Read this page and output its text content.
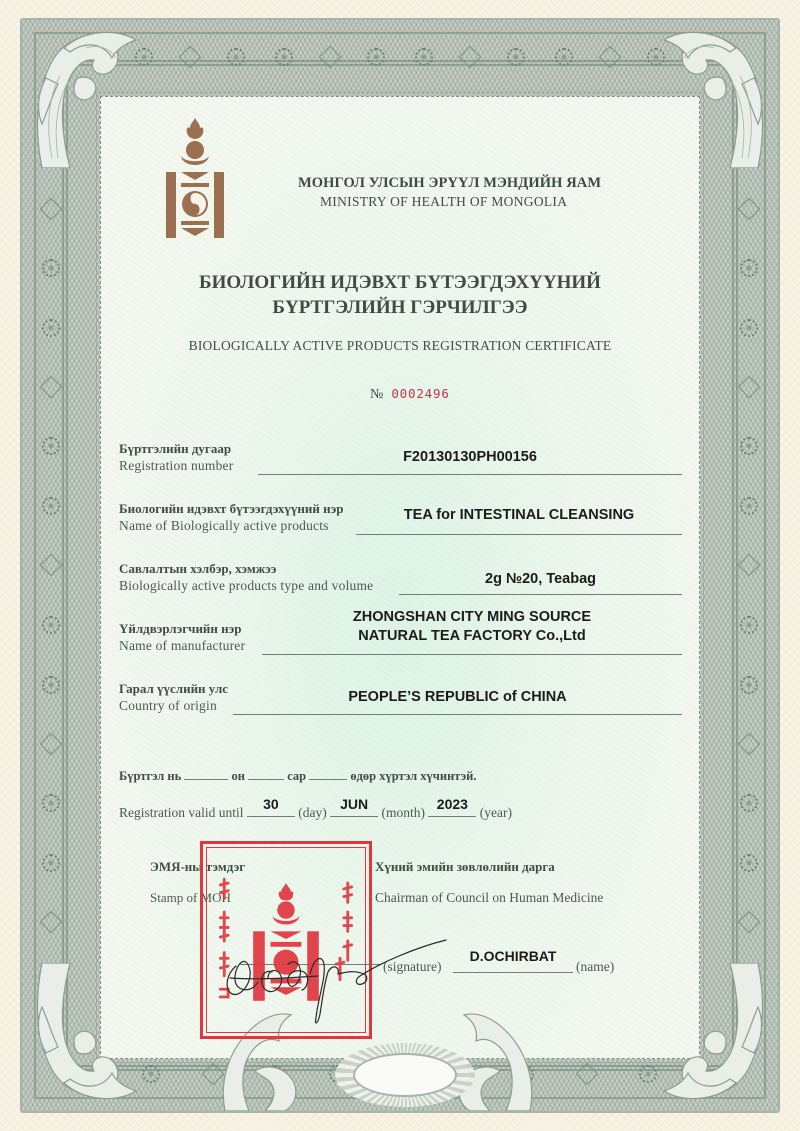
МОНГОЛ УЛСЫН ЭРҮҮЛ МЭНДИЙН ЯАМ
MINISTRY OF HEALTH OF MONGOLIA
БИОЛОГИЙН ИДЭВХТ БҮТЭЭГДЭХҮҮНИЙ
БҮРТГЭЛИЙН ГЭРЧИЛГЭЭ
BIOLOGICALLY ACTIVE PRODUCTS REGISTRATION CERTIFICATE
№ 0002496
Бүртгэлийн дугаар
Registration number
F20130130PH00156
Биологийн идэвхт бүтээгдэхүүний нэр
Name of Biologically active products
TEA for INTESTINAL CLEANSING
Савлалтын хэлбэр, хэмжээ
Biologically active products type and volume	2g №20, Teabag
Үйлдвэрлэгчийн нэр
Name of manufacturer
ZHONGSHAN CITY MING SOURCE
NATURAL TEA FACTORY Co.,Ltd
Гарал үүслийн улс
Country of origin
PEOPLE’S REPUBLIC of CHINA
Бүртгэл нь	он	сар	өдөр хүртэл хүчинтэй.
Registration valid until
30
(day)
JUN
(month)
2023
(year)
ЭМЯ-ны тэмдэг
Stamp of MOH
Хүний эмийн зөвлөлийн дарга
Chairman of Council on Human Medicine
(signature)
D.OCHIRBAT
(name)
